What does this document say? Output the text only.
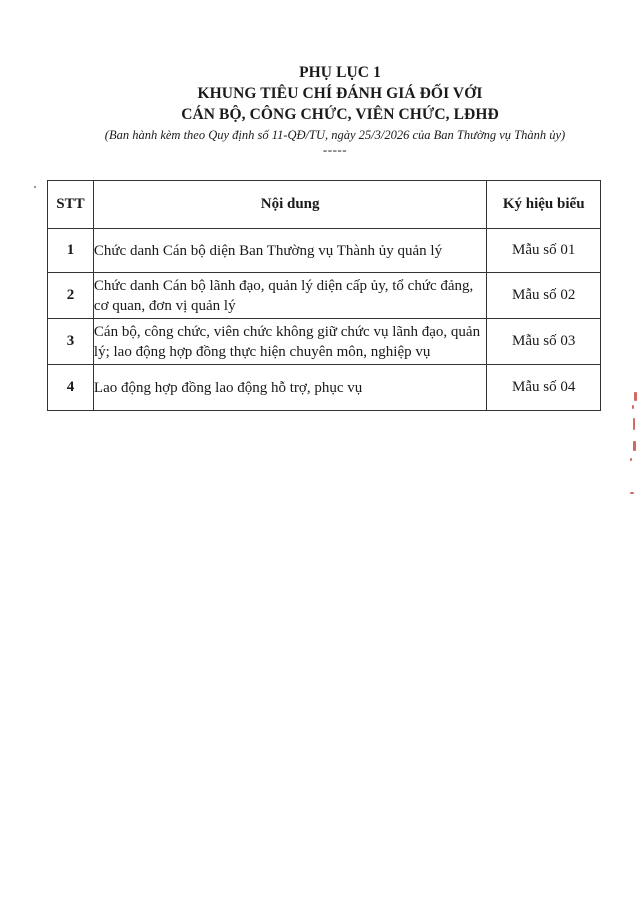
PHỤ LỤC 1
KHUNG TIÊU CHÍ ĐÁNH GIÁ ĐỐI VỚI
CÁN BỘ, CÔNG CHỨC, VIÊN CHỨC, LĐHĐ
(Ban hành kèm theo Quy định số 11-QĐ/TU, ngày 25/3/2026 của Ban Thường vụ Thành ủy)
-----
STT	Nội dung	Ký hiệu biểu
1	Chức danh Cán bộ diện Ban Thường vụ Thành ủy quản lý	Mẫu số 01
2	Chức danh Cán bộ lãnh đạo, quản lý diện cấp ủy, tổ chức đảng, cơ quan, đơn vị quản lý	Mẫu số 02
3	Cán bộ, công chức, viên chức không giữ chức vụ lãnh đạo, quản lý; lao động hợp đồng thực hiện chuyên môn, nghiệp vụ	Mẫu số 03
4	Lao động hợp đồng lao động hỗ trợ, phục vụ	Mẫu số 04
